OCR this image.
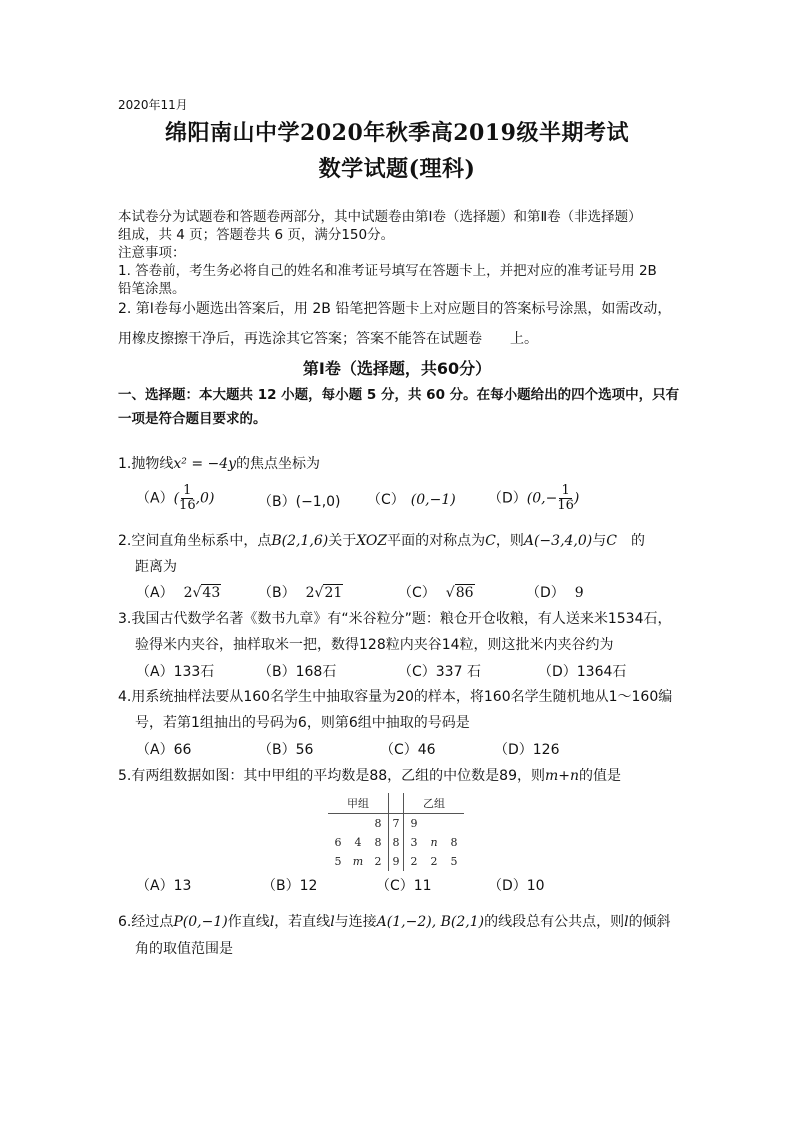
2020年11月
绵阳南山中学2020年秋季高2019级半期考试
数学试题(理科)
本试卷分为试题卷和答题卷两部分，其中试题卷由第Ⅰ卷（选择题）和第Ⅱ卷（非选择题）
组成，共 4 页；答题卷共 6 页，满分150分。
注意事项：
1. 答卷前，考生务必将自己的姓名和准考证号填写在答题卡上，并把对应的准考证号用 2B
铅笔涂黑。
2. 第Ⅰ卷每小题选出答案后，用 2B 铅笔把答题卡上对应题目的答案标号涂黑，如需改动，
用橡皮擦擦干净后，再选涂其它答案；答案不能答在试题卷　　上。
第Ⅰ卷（选择题，共60分）
一、选择题：本大题共 12 小题，每小题 5 分，共 60 分。在每小题给出的四个选项中，只有
一项是符合题目要求的。
1.抛物线x² = −4y的焦点坐标为
$(A)( \frac{1}{16} ,0)$	（B）(−1,0) （C） (0,−1) $(D)(0,- \frac{1}{16}$ )
2.空间直角坐标系中，点B(2,1,6)关于XOZ平面的对称点为C，则A(−3,4,0)与C　的
距离为
（A） 2√43	（B） 2√21	（C） √86	（D） 9
3.我国古代数学名著《数书九章》有“米谷粒分”题：粮仓开仓收粮，有人送来米1534石，
验得米内夹谷，抽样取米一把，数得128粒内夹谷14粒，则这批米内夹谷约为
（A）133石	（B）168石	（C）337 石	（D）1364石
4.用系统抽样法要从160名学生中抽取容量为20的样本，将160名学生随机地从1～160编
号，若第1组抽出的号码为6，则第6组中抽取的号码是
（A）66	（B）56	（C）46	（D）126
5.有两组数据如图：其中甲组的平均数是88，乙组的中位数是89，则m+n的值是
甲组				乙组		
		8	7	9		
6	4	8	8	3	n	8
5	m	2	9	2	2	5
（A）13	（B）12	（C）11	（D）10
6.经过点P(0,−1)作直线l，若直线l与连接A(1,−2), B(2,1)的线段总有公共点，则l的倾斜
角的取值范围是
